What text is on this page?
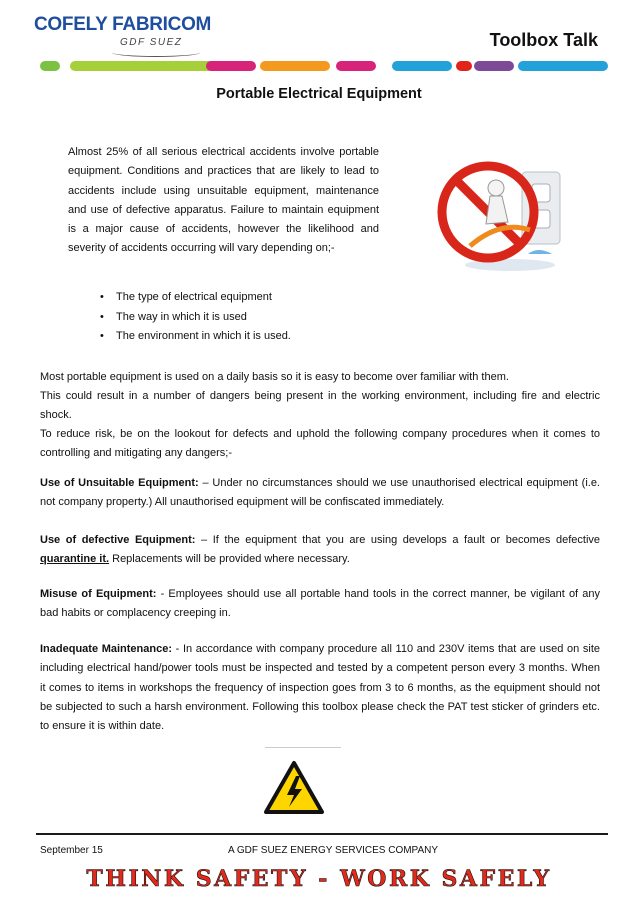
COFELY FABRICOM
GDF SUEZ	Toolbox Talk
Portable Electrical Equipment
Almost 25% of all serious electrical accidents involve portable equipment. Conditions and practices that are likely to lead to accidents include using unsuitable equipment, maintenance and use of defective apparatus. Failure to maintain equipment is a major cause of accidents, however the likelihood and severity of accidents occurring will vary depending on;-
• The type of electrical equipment
• The way in which it is used
• The environment in which it is used.

Most portable equipment is used on a daily basis so it is easy to become over familiar with them.

This could result in a number of dangers being present in the working environment, including fire and electric shock.

To reduce risk, be on the lookout for defects and uphold the following company procedures when it comes to controlling and mitigating any dangers;-

Use of Unsuitable Equipment: – Under no circumstances should we use unauthorised electrical equipment (i.e. not company property.) All unauthorised equipment will be confiscated immediately.

Use of defective Equipment: – If the equipment that you are using develops a fault or becomes defective quarantine it. Replacements will be provided where necessary.

Misuse of Equipment: - Employees should use all portable hand tools in the correct manner, be vigilant of any bad habits or complacency creeping in.

Inadequate Maintenance: - In accordance with company procedure all 110 and 230V items that are used on site including electrical hand/power tools must be inspected and tested by a competent person every 3 months. When it comes to items in workshops the frequency of inspection goes from 3 to 6 months, as the equipment should not be subjected to such a harsh environment. Following this toolbox please check the PAT test sticker of grinders etc. to ensure it is within date.

September 15	A GDF SUEZ ENERGY SERVICES COMPANY
THINK SAFETY - WORK SAFELY
